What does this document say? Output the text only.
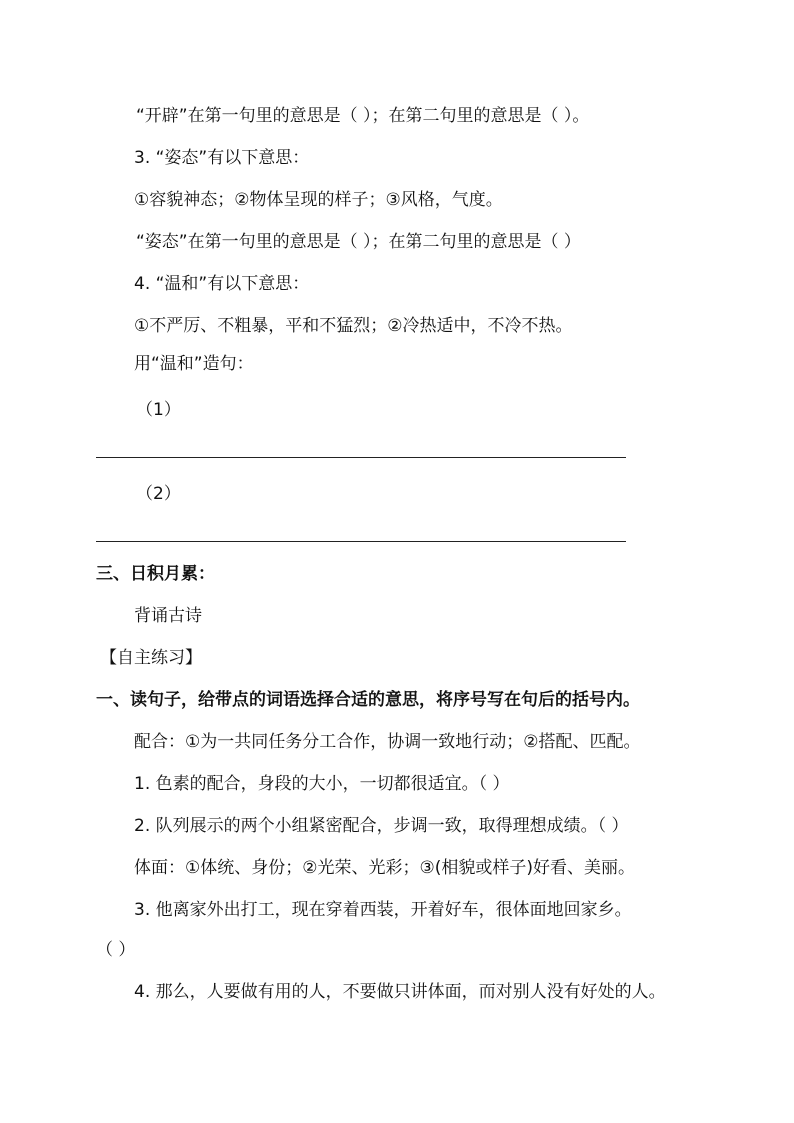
“开辟”在第一句里的意思是（ ）；在第二句里的意思是（ ）。
3. “姿态”有以下意思：
①容貌神态；②物体呈现的样子；③风格，气度。
“姿态”在第一句里的意思是（ ）；在第二句里的意思是（ ）
4. “温和”有以下意思：
①不严厉、不粗暴，平和不猛烈；②冷热适中，不冷不热。
用“温和”造句：
（1）
（2）
三、日积月累：
背诵古诗
【自主练习】
一、读句子，给带点的词语选择合适的意思，将序号写在句后的括号内。
配合：①为一共同任务分工合作，协调一致地行动；②搭配、匹配。
1. 色素的配合，身段的大小，一切都很适宜。（ ）
2. 队列展示的两个小组紧密配合，步调一致，取得理想成绩。（ ）
体面：①体统、身份；②光荣、光彩；③(相貌或样子)好看、美丽。
3. 他离家外出打工，现在穿着西装，开着好车，很体面地回家乡。
（ ）
4. 那么，人要做有用的人，不要做只讲体面，而对别人没有好处的人。
